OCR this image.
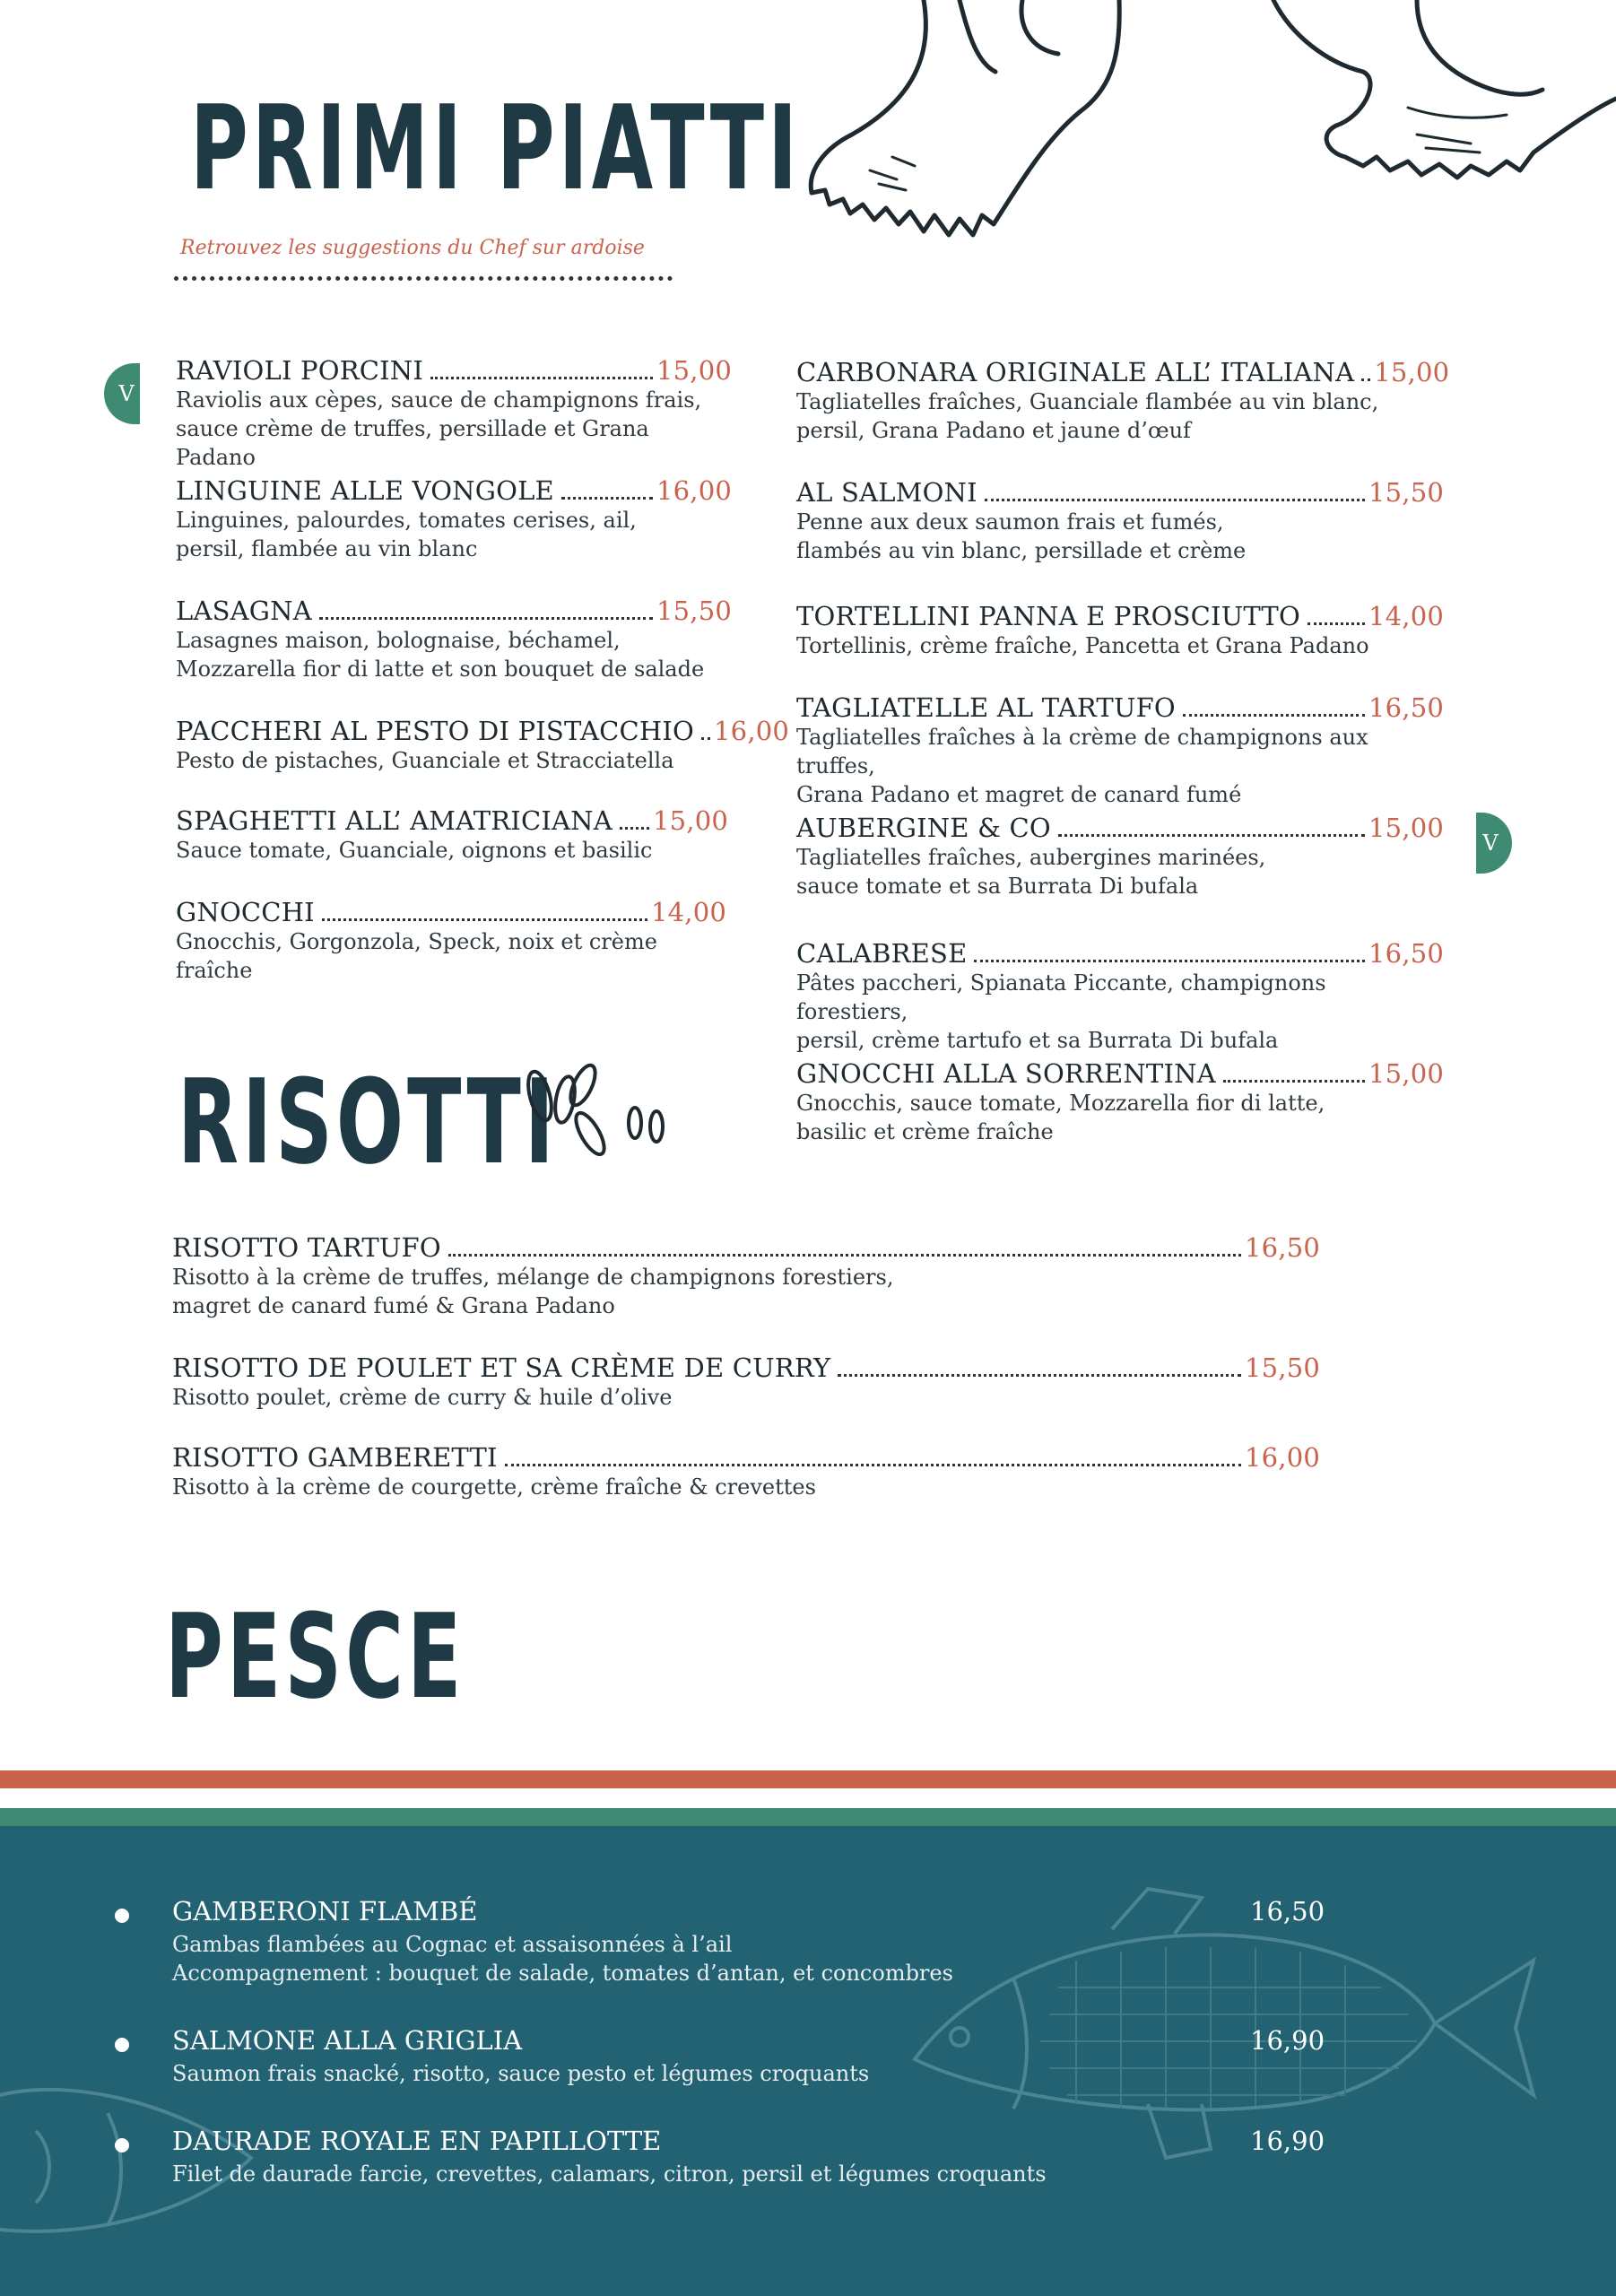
PRIMI PIATTI
Retrouvez les suggestions du Chef sur ardoise
V
V
RAVIOLI PORCINI	15,00
Raviolis aux cèpes, sauce de champignons frais,
sauce crème de truffes, persillade et Grana Padano
LINGUINE ALLE VONGOLE	16,00
Linguines, palourdes, tomates cerises, ail,
persil, flambée au vin blanc
LASAGNA	15,50
Lasagnes maison, bolognaise, béchamel,
Mozzarella fior di latte et son bouquet de salade
PACCHERI AL PESTO DI PISTACCHIO 16,00
Pesto de pistaches, Guanciale et Stracciatella
SPAGHETTI ALL’ AMATRICIANA 15,00
Sauce tomate, Guanciale, oignons et basilic
GNOCCHI	14,00
Gnocchis, Gorgonzola, Speck, noix et crème fraîche
CARBONARA ORIGINALE ALL’ ITALIANA 15,00
Tagliatelles fraîches, Guanciale flambée au vin blanc,
persil, Grana Padano et jaune d’œuf
AL SALMONI	15,50
Penne aux deux saumon frais et fumés,
flambés au vin blanc, persillade et crème
TORTELLINI PANNA E PROSCIUTTO	14,00
Tortellinis, crème fraîche, Pancetta et Grana Padano
TAGLIATELLE AL TARTUFO	16,50
Tagliatelles fraîches à la crème de champignons aux truffes,
Grana Padano et magret de canard fumé
AUBERGINE & CO	15,00
Tagliatelles fraîches, aubergines marinées,
sauce tomate et sa Burrata Di bufala
CALABRESE	16,50
Pâtes paccheri, Spianata Piccante, champignons forestiers,
persil, crème tartufo et sa Burrata Di bufala
GNOCCHI ALLA SORRENTINA	15,00
Gnocchis, sauce tomate, Mozzarella fior di latte,
basilic et crème fraîche
RISOTTI
RISOTTO TARTUFO	16,50
Risotto à la crème de truffes, mélange de champignons forestiers,
magret de canard fumé & Grana Padano
RISOTTO DE POULET ET SA CRÈME DE CURRY	15,50
Risotto poulet, crème de curry & huile d’olive
RISOTTO GAMBERETTI	16,00
Risotto à la crème de courgette, crème fraîche & crevettes
PESCE
GAMBERONI FLAMBÉ	16,50
Gambas flambées au Cognac et assaisonnées à l’ail
Accompagnement : bouquet de salade, tomates d’antan, et concombres
SALMONE ALLA GRIGLIA	16,90
Saumon frais snacké, risotto, sauce pesto et légumes croquants
DAURADE ROYALE EN PAPILLOTTE	16,90
Filet de daurade farcie, crevettes, calamars, citron, persil et légumes croquants
